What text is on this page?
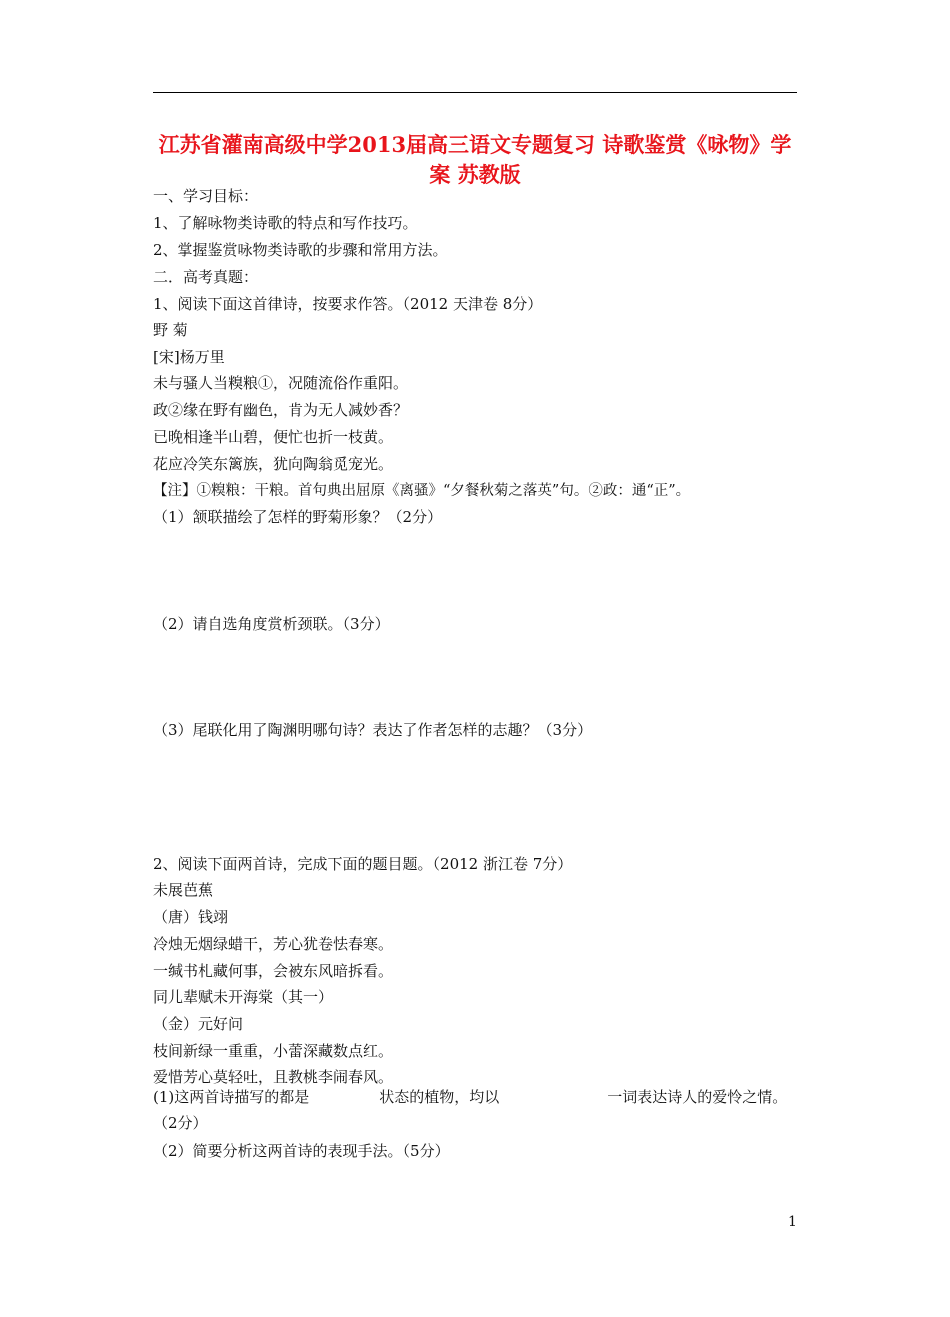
江苏省灌南高级中学2013届高三语文专题复习 诗歌鉴赏《咏物》学案 苏教版

一、学习目标：

1、了解咏物类诗歌的特点和写作技巧。

2、掌握鉴赏咏物类诗歌的步骤和常用方法。

二．高考真题：

1、阅读下面这首律诗，按要求作答。（2012 天津卷 8分）

野 菊

[宋]杨万里

未与骚人当糗粮①，况随流俗作重阳。

政②缘在野有幽色，肯为无人减妙香？

已晚相逢半山碧，便忙也折一枝黄。

花应冷笑东篱族，犹向陶翁觅宠光。

【注】①糗粮：干粮。首句典出屈原《离骚》“夕餐秋菊之落英”句。②政：通“正”。

（1）颔联描绘了怎样的野菊形象？（2分）

（2）请自选角度赏析颈联。（3分）

（3）尾联化用了陶渊明哪句诗？表达了作者怎样的志趣？（3分）

2、阅读下面两首诗，完成下面的题目题。（2012 浙江卷 7分）

未展芭蕉

（唐）钱翊

冷烛无烟绿蜡干，芳心犹卷怯春寒。

一缄书札藏何事，会被东风暗拆看。

同儿辈赋未开海棠（其一）

（金）元好问

枝间新绿一重重，小蕾深藏数点红。

爱惜芳心莫轻吐，且教桃李闹春风。

(1)这两首诗描写的都是	状态的植物，均以	一词表达诗人的爱怜之情。（2分）

（2）简要分析这两首诗的表现手法。（5分）

1
